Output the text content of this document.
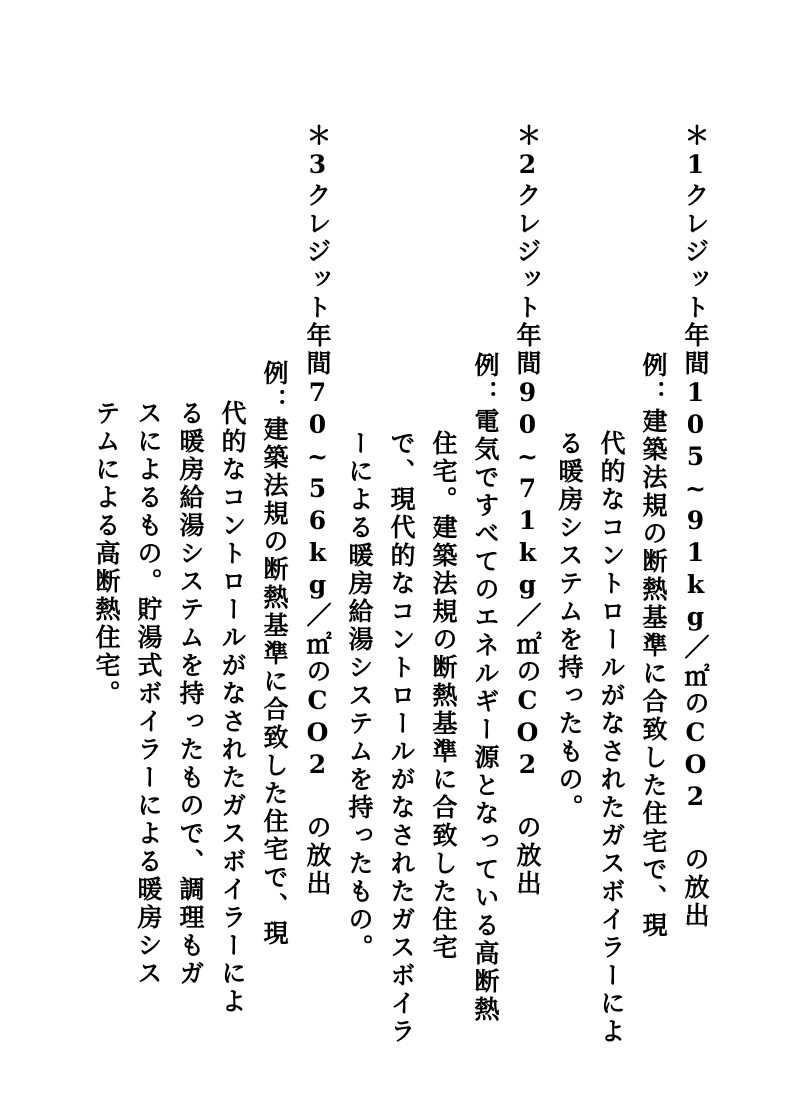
＊1クレジット
年間105~91kg／㎡のCO2 の放出
例：建築法規の断熱基準に合致した住宅で、現
代的なコントロールがなされたガスボイラーによ
る暖房システムを持ったもの。
＊2クレジット
年間90~71kg／㎡のCO2 の放出
例：電気ですべてのエネルギー源となっている高断熱
住宅。建築法規の断熱基準に合致した住宅
で、現代的なコントロールがなされたガスボイラ
ーによる暖房給湯システムを持ったもの。
＊3クレジット
年間70~56kg／㎡のCO2 の放出
例：建築法規の断熱基準に合致した住宅で、現
代的なコントロールがなされたガスボイラーによ
る暖房給湯システムを持ったもので、調理もガ
スによるもの。貯湯式ボイラーによる暖房シス
テムによる高断熱住宅。
